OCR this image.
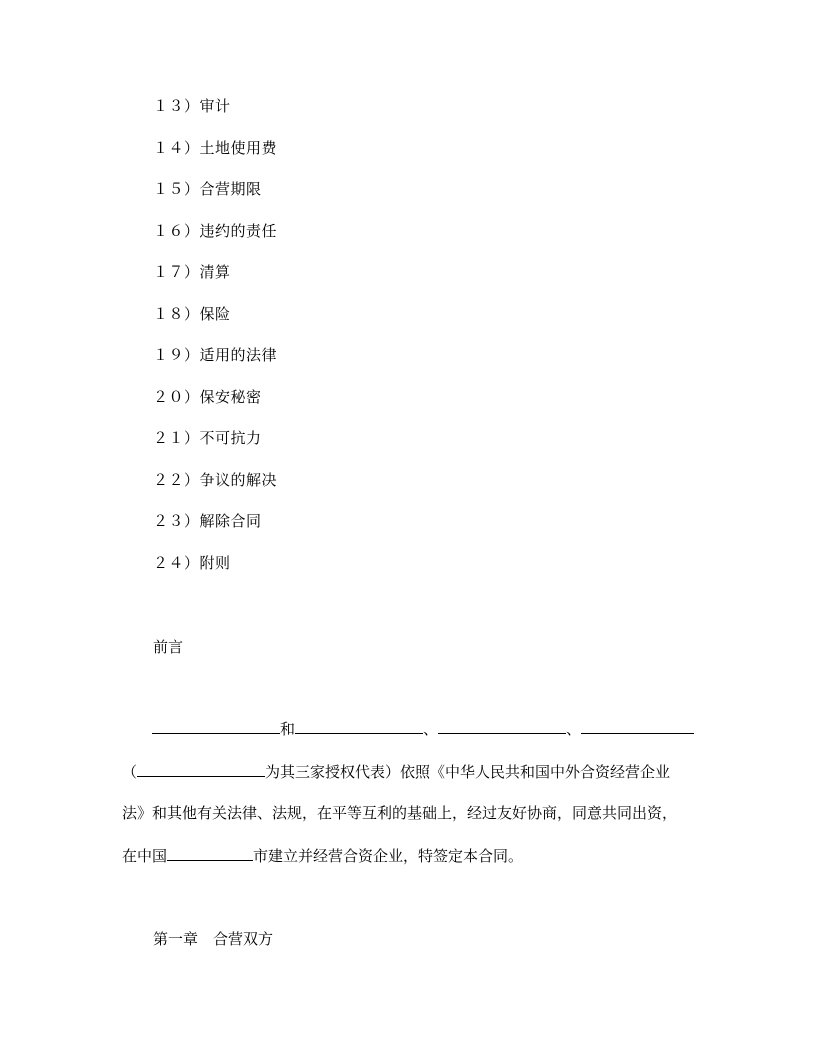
１３）审计
１４）土地使用费
１５）合营期限
１６）违约的责任
１７）清算
１８）保险
１９）适用的法律
２０）保安秘密
２１）不可抗力
２２）争议的解决
２３）解除合同
２４）附则
前言
和	、	、
（	为其三家授权代表）依照《中华人民共和国中外合资经营企业
法》和其他有关法律、法规，在平等互利的基础上，经过友好协商，同意共同出资，
在中国	市建立并经营合资企业，特签定本合同。
第一章　合营双方
